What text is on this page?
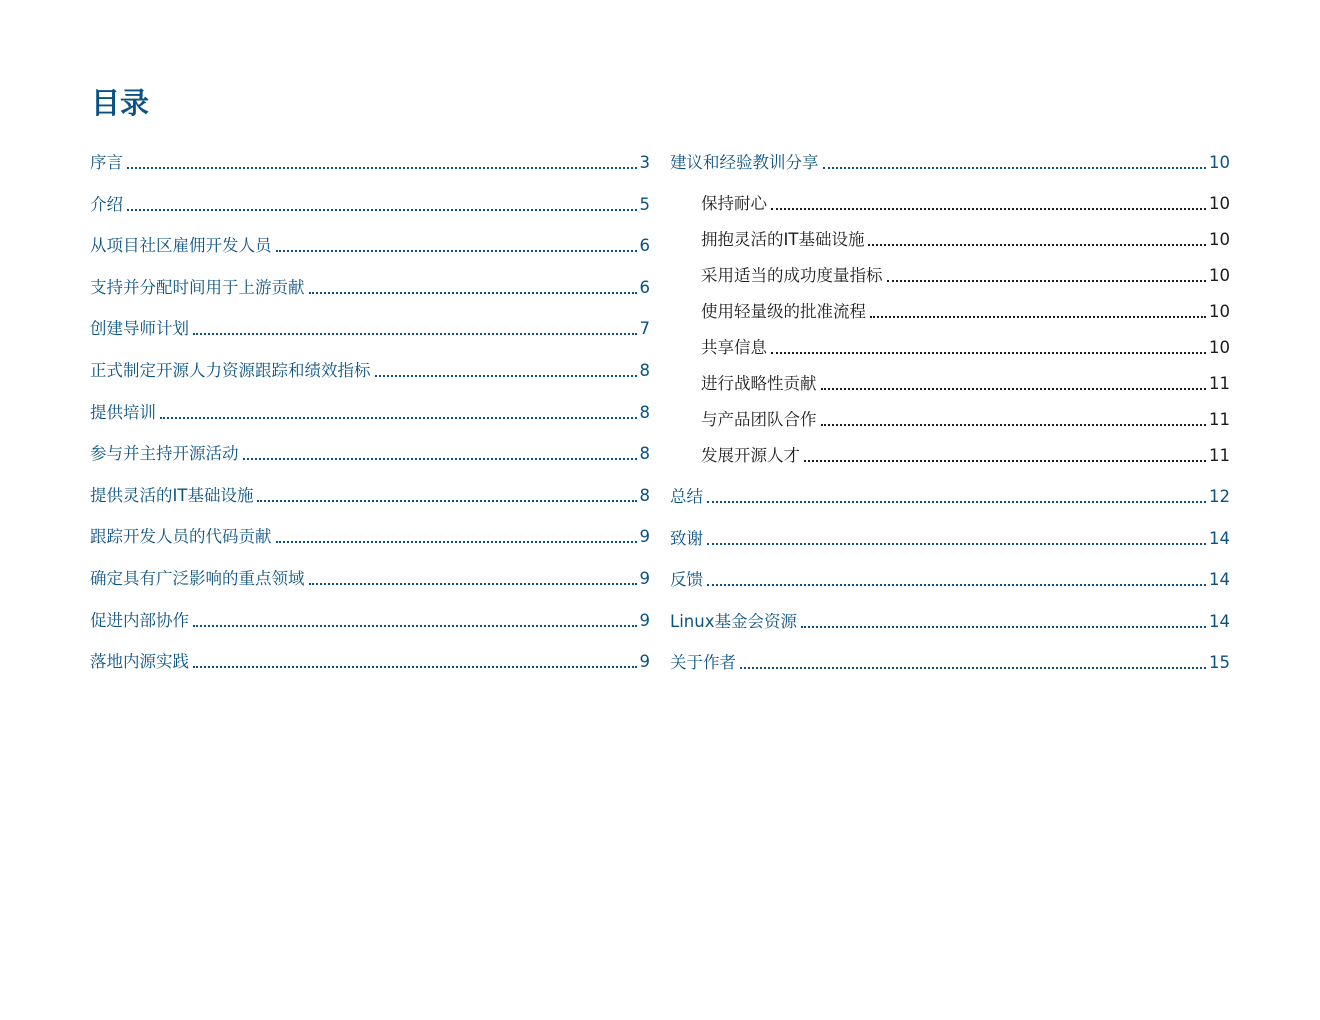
目录
序言	3
介绍	5
从项目社区雇佣开发人员	6
支持并分配时间用于上游贡献	6
创建导师计划	7
正式制定开源人力资源跟踪和绩效指标	8
提供培训	8
参与并主持开源活动	8
提供灵活的IT基础设施	8
跟踪开发人员的代码贡献	9
确定具有广泛影响的重点领域	9
促进内部协作	9
落地内源实践	9
建议和经验教训分享	10
保持耐心	10
拥抱灵活的IT基础设施	10
采用适当的成功度量指标	10
使用轻量级的批准流程	10
共享信息	10
进行战略性贡献	11
与产品团队合作	11
发展开源人才	11
总结	12
致谢	14
反馈	14
Linux基金会资源	14
关于作者	15
